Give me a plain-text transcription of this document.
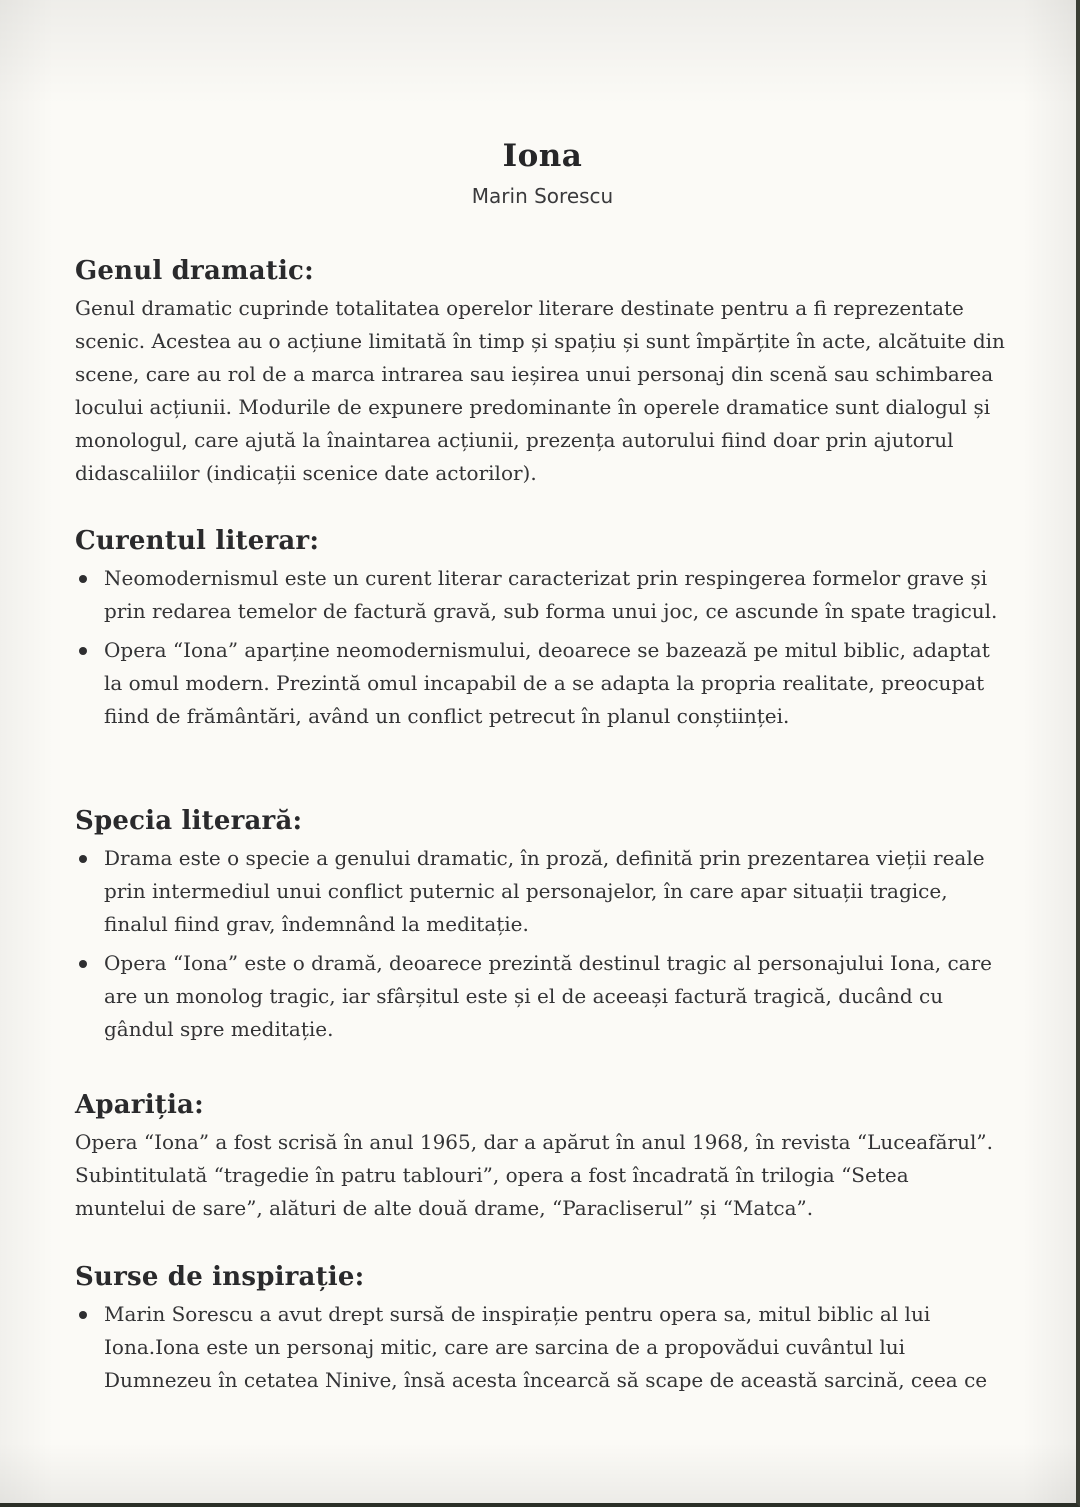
Iona

Marin Sorescu

Genul dramatic:

Genul dramatic cuprinde totalitatea operelor literare destinate pentru a fi reprezentate scenic. Acestea au o acțiune limitată în timp și spațiu și sunt împărțite în acte, alcătuite din scene, care au rol de a marca intrarea sau ieșirea unui personaj din scenă sau schimbarea locului acțiunii. Modurile de expunere predominante în operele dramatice sunt dialogul și monologul, care ajută la înaintarea acțiunii, prezența autorului fiind doar prin ajutorul didascaliilor (indicații scenice date actorilor).

Curentul literar:
Neomodernismul este un curent literar caracterizat prin respingerea formelor grave și prin redarea temelor de factură gravă, sub forma unui joc, ce ascunde în spate tragicul.
Opera “Iona” aparține neomodernismului, deoarece se bazează pe mitul biblic, adaptat la omul modern. Prezintă omul incapabil de a se adapta la propria realitate, preocupat fiind de frământări, având un conflict petrecut în planul conștiinței.
Specia literară:
Drama este o specie a genului dramatic, în proză, definită prin prezentarea vieții reale prin intermediul unui conflict puternic al personajelor, în care apar situații tragice, finalul fiind grav, îndemnând la meditație.
Opera “Iona” este o dramă, deoarece prezintă destinul tragic al personajului Iona, care are un monolog tragic, iar sfârșitul este și el de aceeași factură tragică, ducând cu gândul spre meditație.
Apariția:

Opera “Iona” a fost scrisă în anul 1965, dar a apărut în anul 1968, în revista “Luceafărul”. Subintitulată “tragedie în patru tablouri”, opera a fost încadrată în trilogia “Setea muntelui de sare”, alături de alte două drame, “Paracliserul” și “Matca”.

Surse de inspirație:
Marin Sorescu a avut drept sursă de inspirație pentru opera sa, mitul biblic al lui Iona.Iona este un personaj mitic, care are sarcina de a propovădui cuvântul lui Dumnezeu în cetatea Ninive, însă acesta încearcă să scape de această sarcină, ceea ce
